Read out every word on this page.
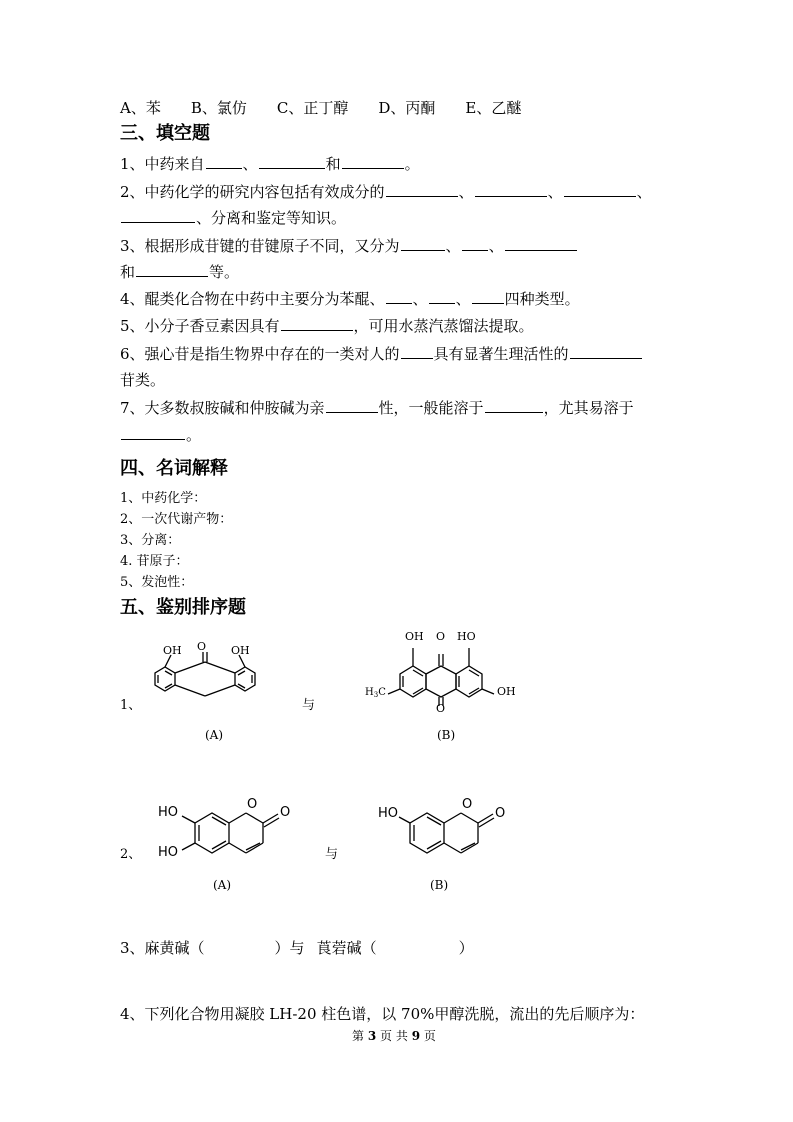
A、苯 B、氯仿 C、正丁醇 D、丙酮 E、乙醚
三、填空题
1、中药来自	、	和	。
2、中药化学的研究内容包括有效成分的	、	、	、
、分离和鉴定等知识。
3、根据形成苷键的苷键原子不同，又分为	、 、
和	等。
4、醌类化合物在中药中主要分为苯醌、 、 、 四种类型。
5、小分子香豆素因具有	，可用水蒸汽蒸馏法提取。
6、强心苷是指生物界中存在的一类对人的 具有显著生理活性的
苷类。
7、大多数叔胺碱和仲胺碱为亲	性，一般能溶于	，尤其易溶于
。
四、名词解释
1、中药化学：
2、一次代谢产物：
3、分离：
4. 苷原子：
5、发泡性：
五、鉴别排序题
1、	与
O
OH	OH
(A)
OH O HO
O
OH
$H_3C$
(B)
2、	与
HO
HO
O
O
(A)
HO
O
O
(B)
3、麻黄碱（	）与 莨菪碱（	）
4、下列化合物用凝胶 LH-20 柱色谱，以 70%甲醇洗脱，流出的先后顺序为：
第 3 页 共 9 页
